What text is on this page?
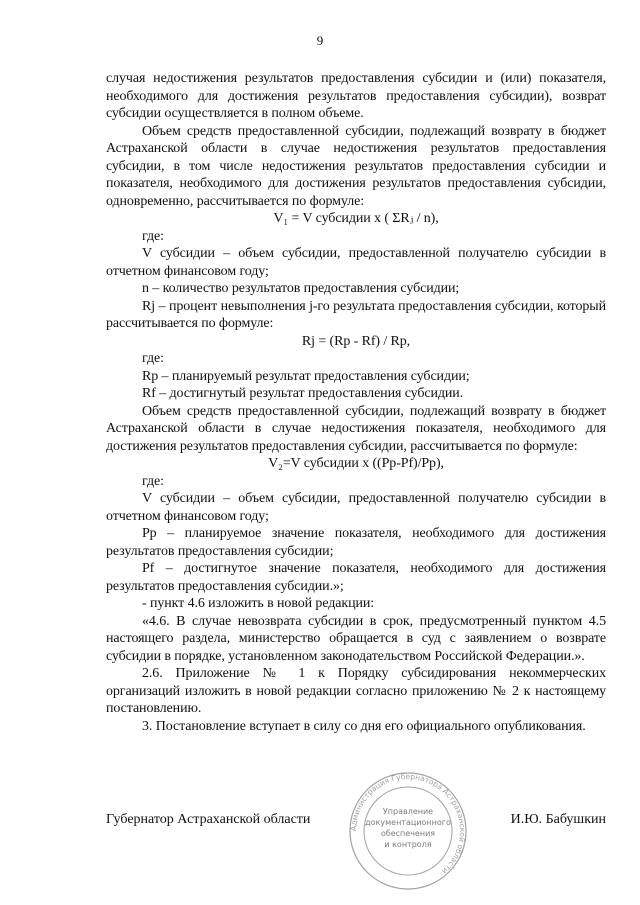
9

случая недостижения результатов предоставления субсидии и (или) показателя, необходимого для достижения результатов предоставления субсидии), возврат субсидии осуществляется в полном объеме.

Объем средств предоставленной субсидии, подлежащий возврату в бюджет Астраханской области в случае недостижения результатов предоставления субсидии, в том числе недостижения результатов предоставления субсидии и показателя, необходимого для достижения результатов предоставления субсидии, одновременно, рассчитывается по формуле:

V₁ = V субсидии x ( ΣRⱼ / n),

где:

V субсидии – объем субсидии, предоставленной получателю субсидии в отчетном финансовом году;

n – количество результатов предоставления субсидии;

Rj – процент невыполнения j-го результата предоставления субсидии, который рассчитывается по формуле:

Rj = (Rp - Rf) / Rp,

где:

Rp – планируемый результат предоставления субсидии;

Rf – достигнутый результат предоставления субсидии.

Объем средств предоставленной субсидии, подлежащий возврату в бюджет Астраханской области в случае недостижения показателя, необходимого для достижения результатов предоставления субсидии, рассчитывается по формуле:

V₂=V субсидии x ((Pp-Pf)/Pp),

где:

V субсидии – объем субсидии, предоставленной получателю субсидии в отчетном финансовом году;

Pp – планируемое значение показателя, необходимого для достижения результатов предоставления субсидии;

Pf – достигнутое значение показателя, необходимого для достижения результатов предоставления субсидии.»;

- пункт 4.6 изложить в новой редакции:

«4.6. В случае невозврата субсидии в срок, предусмотренный пунктом 4.5 настоящего раздела, министерство обращается в суд с заявлением о возврате субсидии в порядке, установленном законодательством Российской Федерации.».

2.6. Приложение № 1 к Порядку субсидирования некоммерческих организаций изложить в новой редакции согласно приложению № 2 к настоящему постановлению.

3. Постановление вступает в силу со дня его официального опубликования.

Губернатор Астраханской области	И.Ю. Бабушкин
Администрация Губернатора Астраханской области
Управление
документационного
обеспечения
и контроля
